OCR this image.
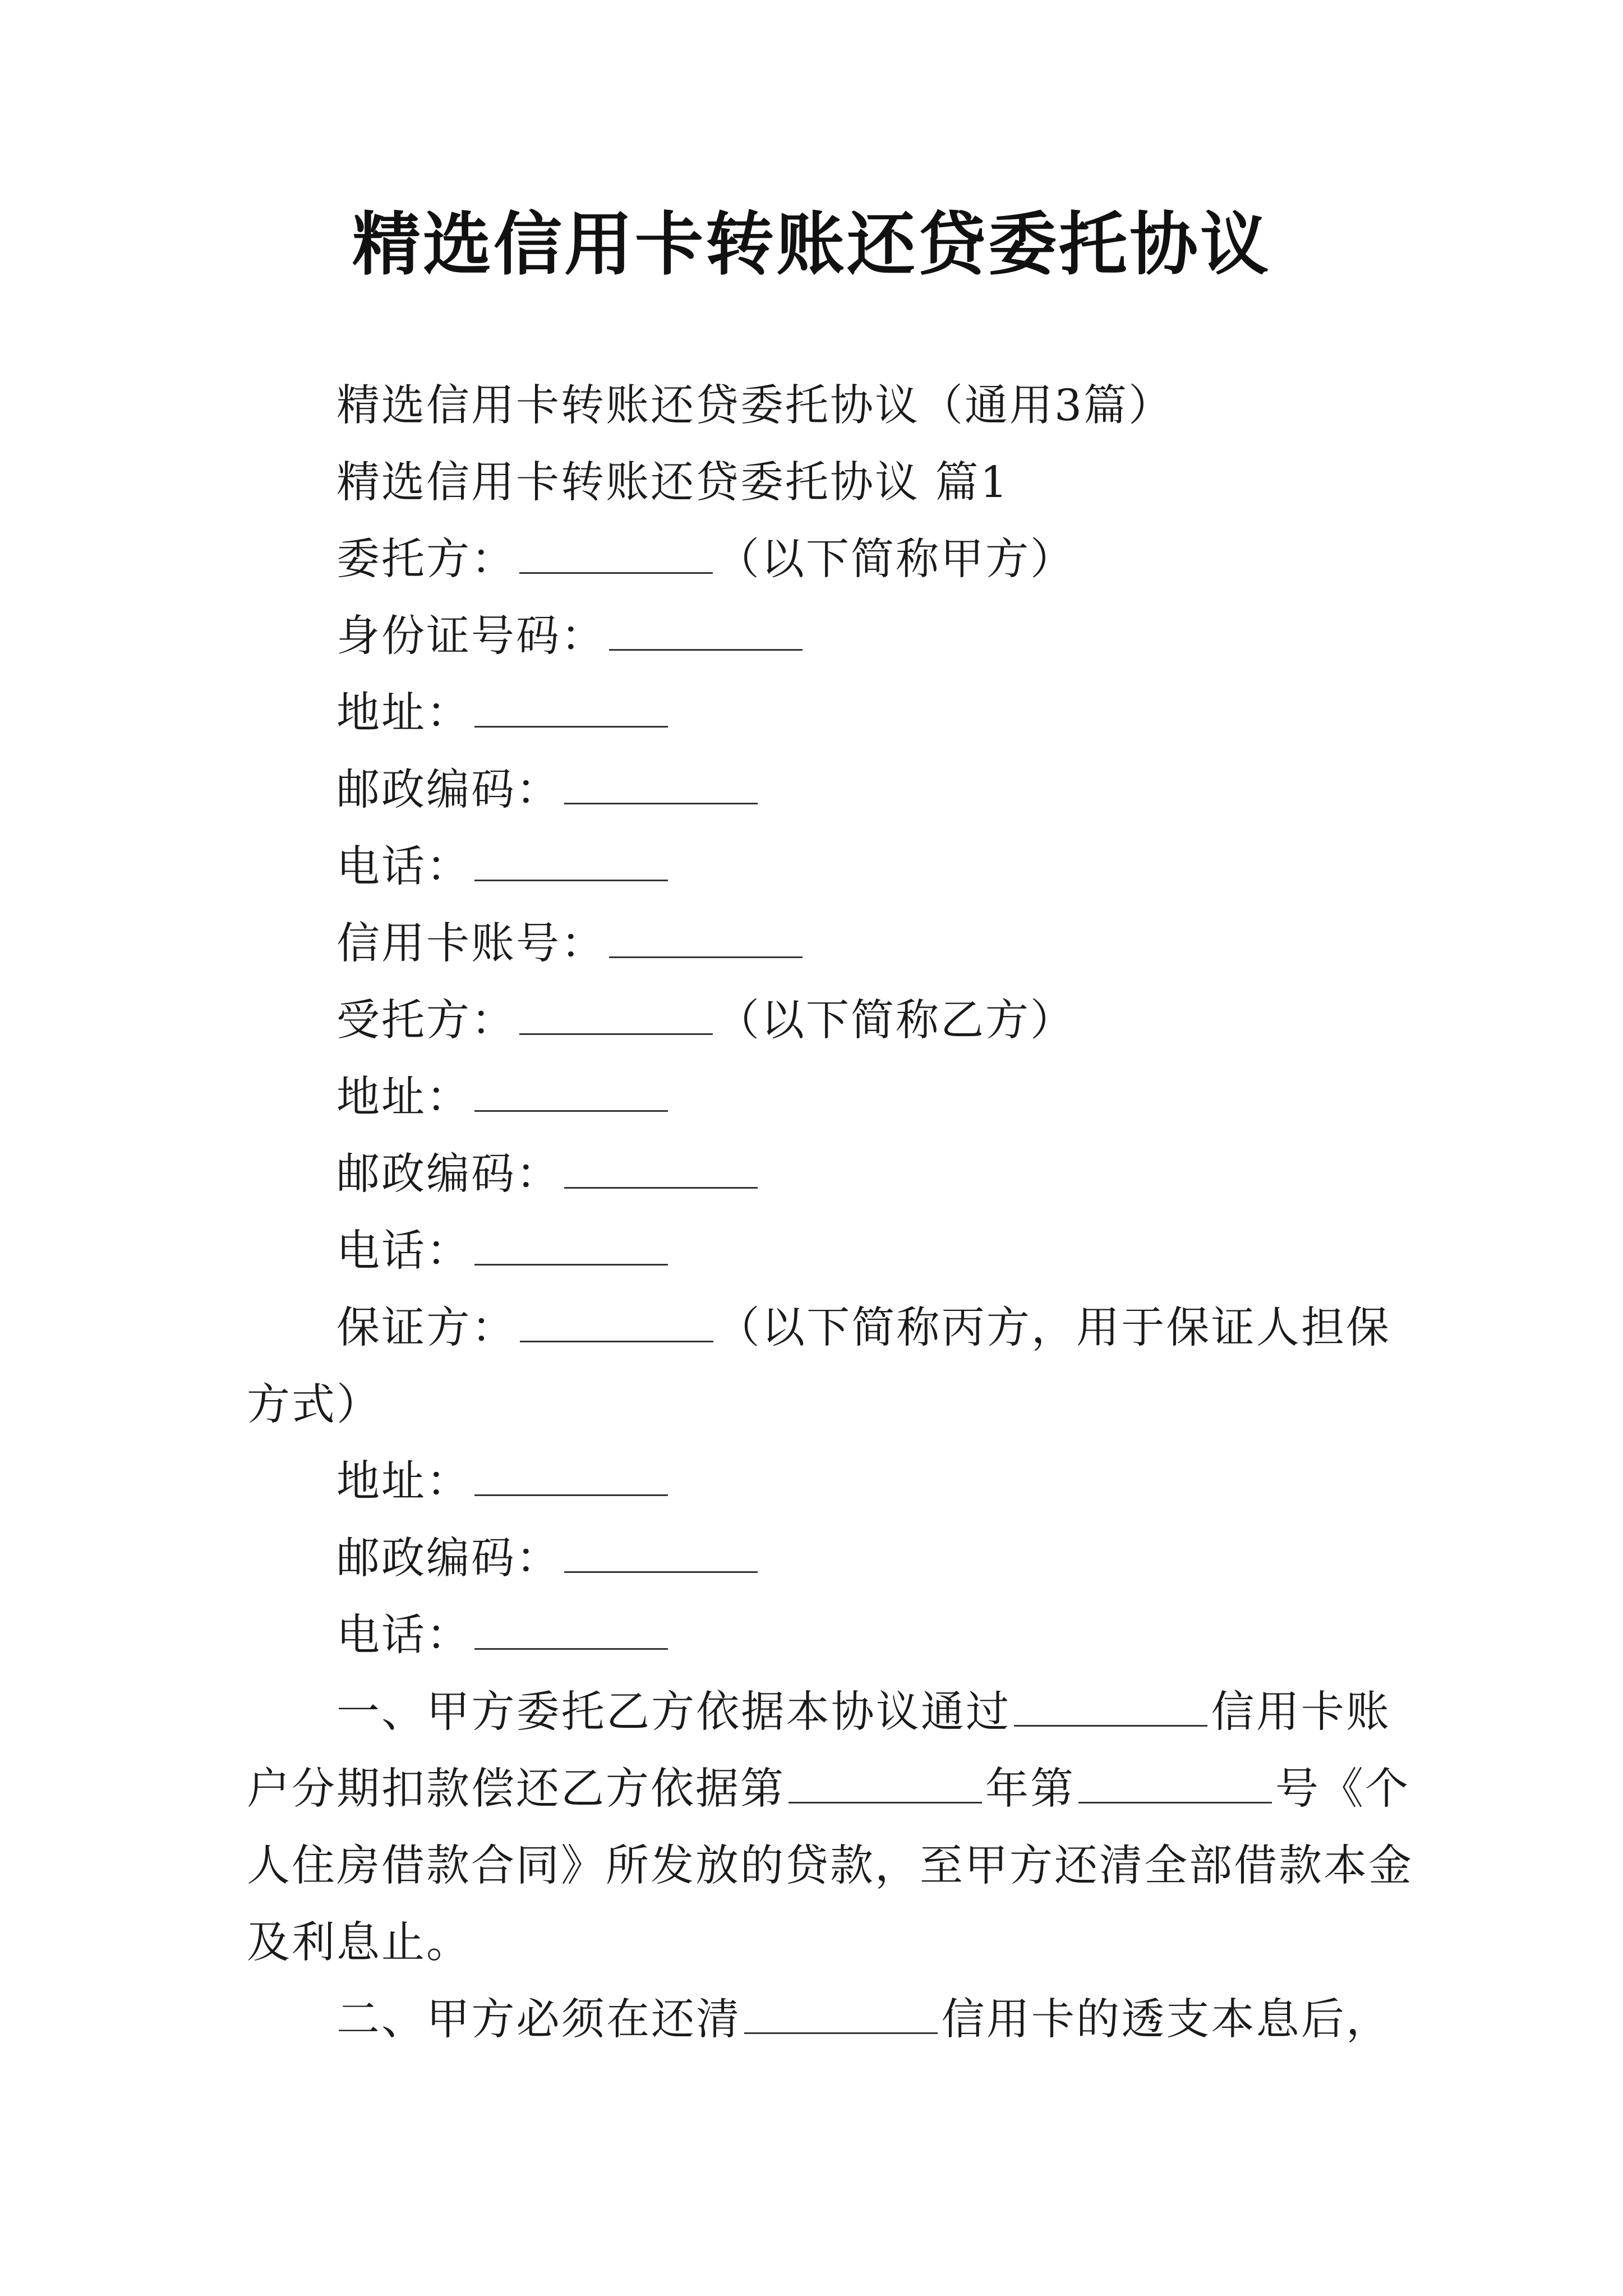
精选信用卡转账还贷委托协议
精选信用卡转账还贷委托协议（通用3篇）
精选信用卡转账还贷委托协议 篇1
委托方：	（以下简称甲方）
身份证号码：
地址：
邮政编码：
电话：
信用卡账号：
受托方：	（以下简称乙方）
地址：
邮政编码：
电话：
保证方：	（以下简称丙方，用于保证人担保
方式）
地址：
邮政编码：
电话：
一、甲方委托乙方依据本协议通过	信用卡账
户分期扣款偿还乙方依据第	年第	号《个
人住房借款合同》所发放的贷款，至甲方还清全部借款本金
及利息止。
二、甲方必须在还清	信用卡的透支本息后，
